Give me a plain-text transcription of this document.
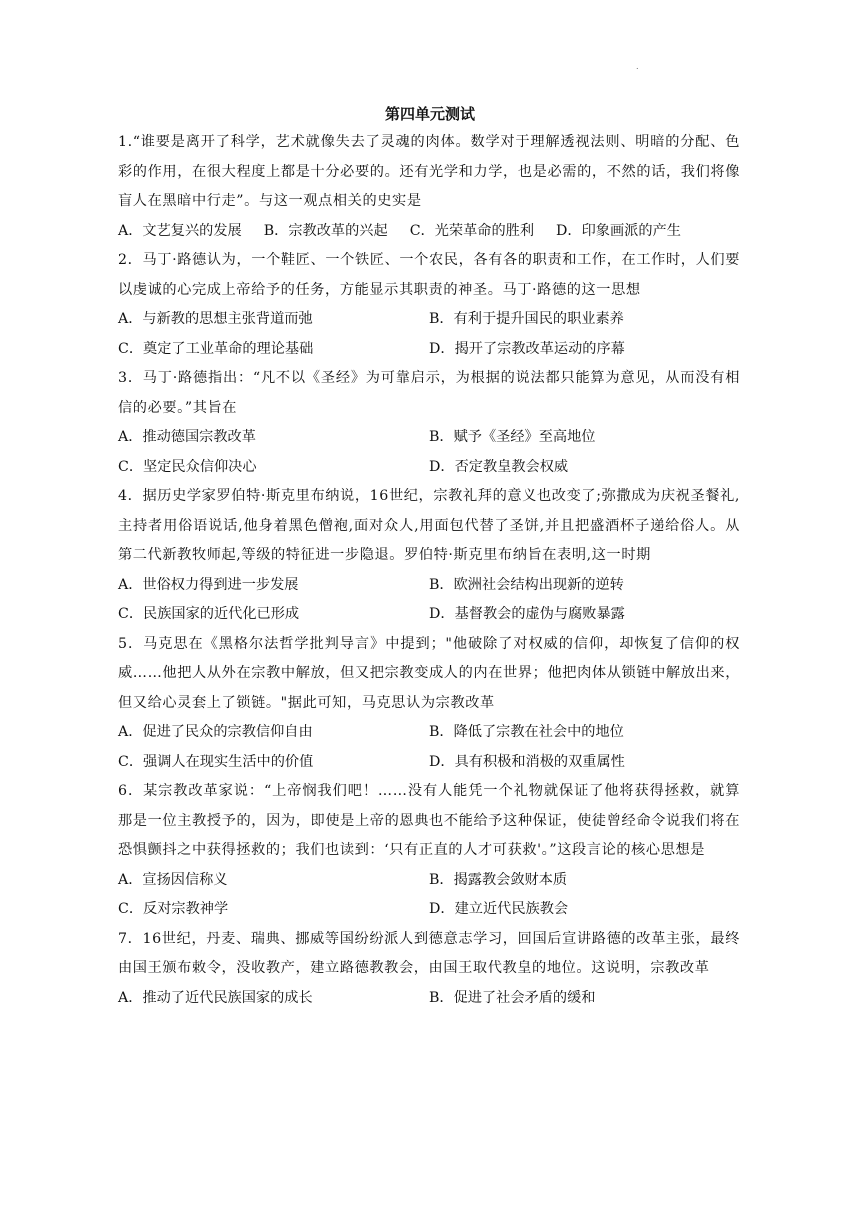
.
第四单元测试

1.“谁要是离开了科学，艺术就像失去了灵魂的肉体。数学对于理解透视法则、明暗的分配、色彩的作用，在很大程度上都是十分必要的。还有光学和力学，也是必需的，不然的话，我们将像盲人在黑暗中行走”。与这一观点相关的史实是

A．文艺复兴的发展 B．宗教改革的兴起 C．光荣革命的胜利 D．印象画派的产生

2．马丁·路德认为，一个鞋匠、一个铁匠、一个农民，各有各的职责和工作，在工作时，人们要以虔诚的心完成上帝给予的任务，方能显示其职责的神圣。马丁·路德的这一思想

A．与新教的思想主张背道而弛	B．有利于提升国民的职业素养
C．奠定了工业革命的理论基础	D．揭开了宗教改革运动的序幕

3．马丁·路德指出：“凡不以《圣经》为可靠启示，为根据的说法都只能算为意见，从而没有相信的必要。”其旨在

A．推动德国宗教改革	B．赋予《圣经》至高地位
C．坚定民众信仰决心	D．否定教皇教会权威

4．据历史学家罗伯特·斯克里布纳说，16世纪，宗教礼拜的意义也改变了;弥撒成为庆祝圣餐礼,主持者用俗语说话,他身着黑色僧袍,面对众人,用面包代替了圣饼,并且把盛酒杯子递给俗人。从第二代新教牧师起,等级的特征进一步隐退。罗伯特·斯克里布纳旨在表明,这一时期

A．世俗权力得到进一步发展	B．欧洲社会结构出现新的逆转
C．民族国家的近代化已形成	D．基督教会的虚伪与腐败暴露

5．马克思在《黑格尔法哲学批判导言》中提到；"他破除了对权威的信仰，却恢复了信仰的权威……他把人从外在宗教中解放，但又把宗教变成人的内在世界；他把肉体从锁链中解放出来，但又给心灵套上了锁链。"据此可知，马克思认为宗教改革

A．促进了民众的宗教信仰自由	B．降低了宗教在社会中的地位
C．强调人在现实生活中的价值	D．具有积极和消极的双重属性

6．某宗教改革家说：“上帝悯我们吧！……没有人能凭一个礼物就保证了他将获得拯救，就算那是一位主教授予的，因为，即使是上帝的恩典也不能给予这种保证，使徒曾经命令说我们将在恐惧颤抖之中获得拯救的；我们也读到：‘只有正直的人才可获救'。”这段言论的核心思想是

A．宣扬因信称义	B．揭露教会敛财本质
C．反对宗教神学	D．建立近代民族教会

7．16世纪，丹麦、瑞典、挪威等国纷纷派人到德意志学习，回国后宣讲路德的改革主张，最终由国王颁布敕令，没收教产，建立路德教教会，由国王取代教皇的地位。这说明，宗教改革

A．推动了近代民族国家的成长	B．促进了社会矛盾的缓和
